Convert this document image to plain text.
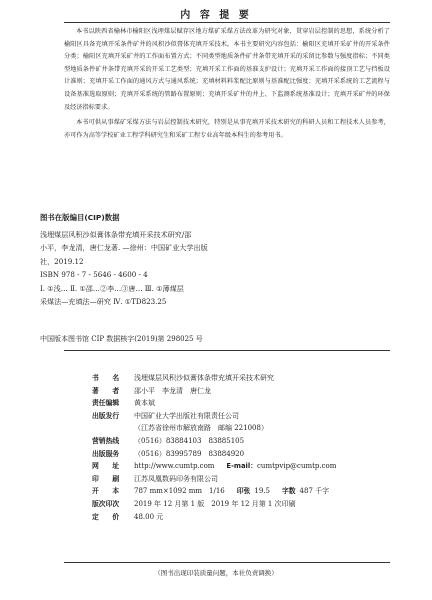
内 容 提 要

本书以陕西省榆林市榆阳区浅埋煤层赋存区地方煤矿采煤方法改革为研究对象，贯穿岩层控制的思想，系统分析了榆阳区具备充填开采条件矿井的风积沙似膏体充填开采技术。本书主要研究内容包括：榆阳区充填开采矿井的开采条件分类；榆阳区充填开采矿井的工作面布置方式；不同类型地质条件矿井条带充填开采的采留比参数与强度指标；不同类型地质条件矿井条带充填开采的开采工艺类型；充填开采工作面的基准支护设计；充填开采工作面的接顶工艺与挡板设计准则；充填开采工作面的通风方式与通风系统；充填材料料浆配比原则与基准配比强度；充填开采系统的工艺流程与设备基准选取原则；充填开采系统的管路布置原则；充填开采矿井的井上、下监测系统基准设计；充填开采矿井的环保及经济指标要求。

本书可供从事煤矿采煤方法与岩层控制技术研究，特别是从事充填开采技术研究的科研人员和工程技术人员参考，亦可作为高等学校矿业工程学科研究生和采矿工程专业高年级本科生的参考用书。

图书在版编目(CIP)数据
浅埋煤层风积沙似膏体条带充填开采技术研究/邵
小平，李龙清，唐仁龙著. —徐州：中国矿业大学出版
社，2019.12
ISBN 978 - 7 - 5646 - 4600 - 4
Ⅰ. ①浅… Ⅱ. ①邵…②李…③唐… Ⅲ. ①薄煤层
采煤法—充填法—研究 Ⅳ. ①TD823.25
中国版本图书馆 CIP 数据核字(2019)第 298025 号
书　　名	浅埋煤层风积沙似膏体条带充填开采技术研究
著　　者	邵小平　李龙清　唐仁龙
责任编辑	黄本斌
出版发行	中国矿业大学出版社有限责任公司
（江苏省徐州市解放南路　邮编 221008）
营销热线	（0516）83884103　83885105
出版服务	（0516）83995789　83884920
网　　址	http://www.cumtp.com E-mail： cumtpvip@cumtp.com
印　　刷	江苏凤凰数码印务有限公司
开　　本	787 mm×1092 mm　1/16 印张 19.5 字数 487 千字
版次印次	2019 年 12 月第 1 版　2019 年 12 月第 1 次印刷
定　　价	48.00 元
（图书出现印装质量问题，本社负责调换）
